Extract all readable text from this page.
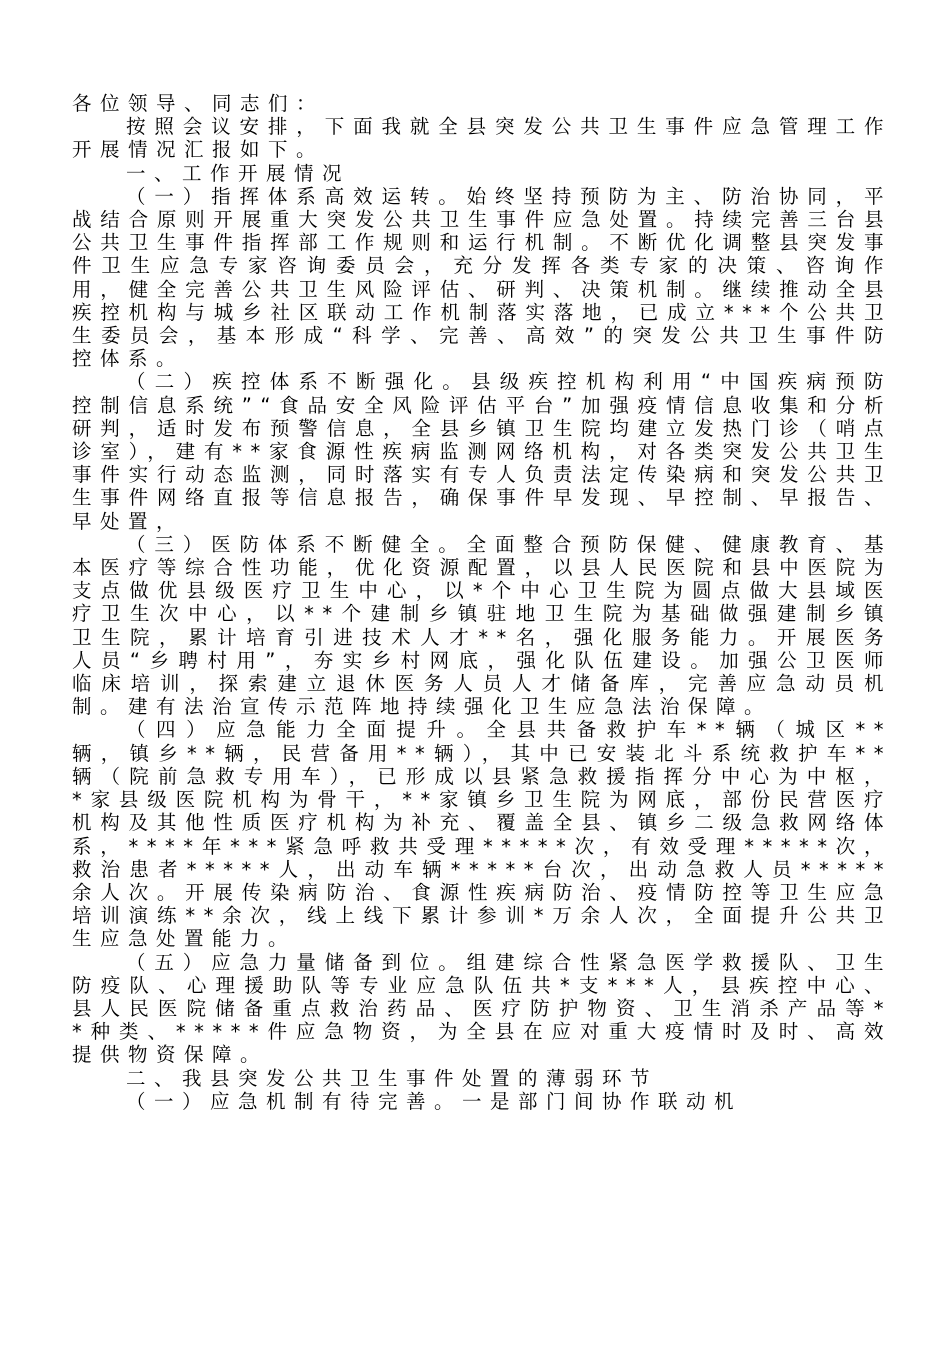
各位领导、同志们：

按照会议安排，下面我就全县突发公共卫生事件应急管理工作开展情况汇报如下。

一、工作开展情况

（一）指挥体系高效运转。始终坚持预防为主、防治协同，平战结合原则开展重大突发公共卫生事件应急处置。持续完善三台县公共卫生事件指挥部工作规则和运行机制。不断优化调整县突发事件卫生应急专家咨询委员会，充分发挥各类专家的决策、咨询作用，健全完善公共卫生风险评估、研判、决策机制。继续推动全县疾控机构与城乡社区联动工作机制落实落地，已成立***个公共卫生委员会，基本形成“科学、完善、高效”的突发公共卫生事件防控体系。

（二）疾控体系不断强化。县级疾控机构利用“中国疾病预防控制信息系统”“食品安全风险评估平台”加强疫情信息收集和分析研判，适时发布预警信息，全县乡镇卫生院均建立发热门诊（哨点诊室），建有**家食源性疾病监测网络机构，对各类突发公共卫生事件实行动态监测，同时落实有专人负责法定传染病和突发公共卫生事件网络直报等信息报告，确保事件早发现、早控制、早报告、早处置，

（三）医防体系不断健全。全面整合预防保健、健康教育、基本医疗等综合性功能，优化资源配置，以县人民医院和县中医院为支点做优县级医疗卫生中心，以*个中心卫生院为圆点做大县域医疗卫生次中心，以**个建制乡镇驻地卫生院为基础做强建制乡镇卫生院，累计培育引进技术人才**名，强化服务能力。开展医务人员“乡聘村用”，夯实乡村网底，强化队伍建设。加强公卫医师临床培训，探索建立退休医务人员人才储备库，完善应急动员机制。建有法治宣传示范阵地持续强化卫生应急法治保障。

（四）应急能力全面提升。全县共备救护车**辆（城区**辆，镇乡**辆，民营备用**辆），其中已安装北斗系统救护车**辆（院前急救专用车），已形成以县紧急救援指挥分中心为中枢，*家县级医院机构为骨干，**家镇乡卫生院为网底，部份民营医疗机构及其他性质医疗机构为补充、覆盖全县、镇乡二级急救网络体系，****年***紧急呼救共受理*****次，有效受理*****次，救治患者*****人，出动车辆*****台次，出动急救人员*****余人次。开展传染病防治、食源性疾病防治、疫情防控等卫生应急培训演练**余次，线上线下累计参训*万余人次，全面提升公共卫生应急处置能力。

（五）应急力量储备到位。组建综合性紧急医学救援队、卫生防疫队、心理援助队等专业应急队伍共*支***人，县疾控中心、县人民医院储备重点救治药品、医疗防护物资、卫生消杀产品等**种类、*****件应急物资，为全县在应对重大疫情时及时、高效提供物资保障。

二、我县突发公共卫生事件处置的薄弱环节

（一）应急机制有待完善。一是部门间协作联动机
